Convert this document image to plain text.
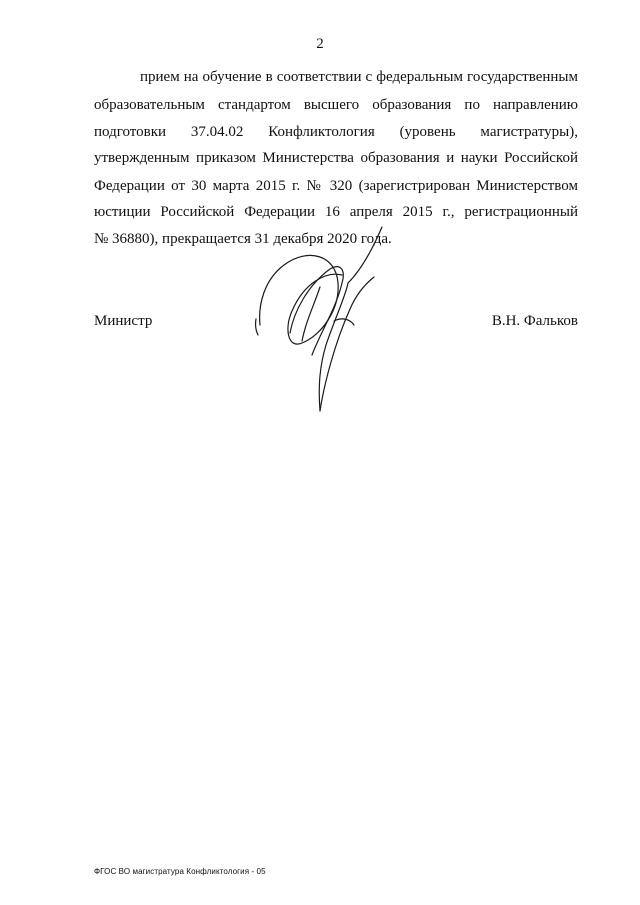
2
прием на обучение в соответствии с федеральным государственным
образовательным стандартом высшего образования по направлению
подготовки 37.04.02 Конфликтология (уровень магистратуры),
утвержденным приказом Министерства образования и науки Российской
Федерации от 30 марта 2015 г. № 320 (зарегистрирован Министерством
юстиции Российской Федерации 16 апреля 2015 г., регистрационный
№ 36880), прекращается 31 декабря 2020 года.
Министр	В.Н. Фальков
ФГОС ВО магистратура Конфликтология - 05
